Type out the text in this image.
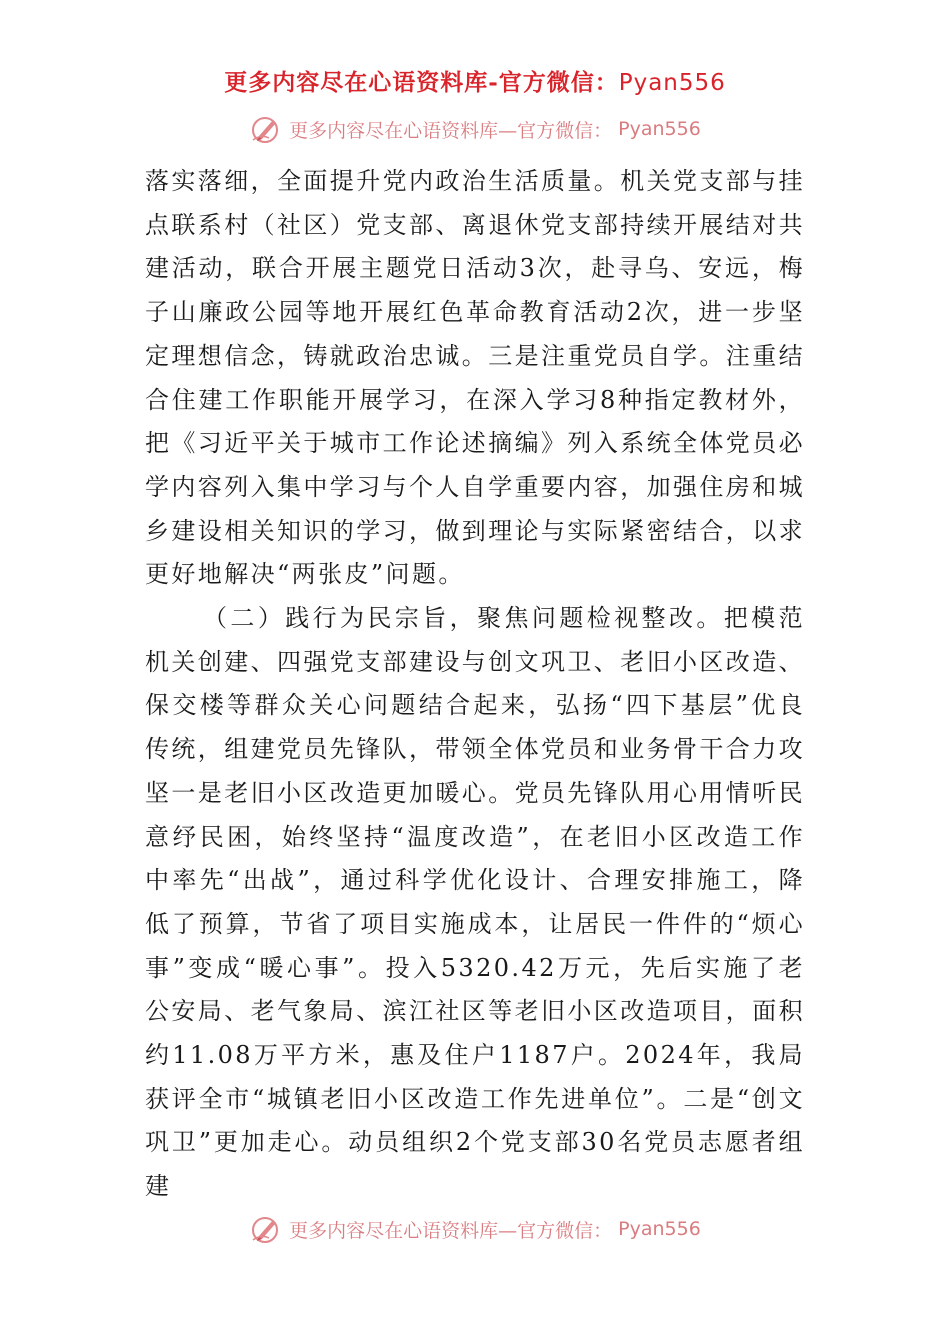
更多内容尽在心语资料库-官方微信：Pyan556
更多内容尽在心语资料库—官方微信： Pyan556

落实落细，全面提升党内政治生活质量。机关党支部与挂点联系村（社区）党支部、离退休党支部持续开展结对共建活动，联合开展主题党日活动3次，赴寻乌、安远，梅子山廉政公园等地开展红色革命教育活动2次，进一步坚定理想信念，铸就政治忠诚。三是注重党员自学。注重结合住建工作职能开展学习，在深入学习8种指定教材外，把《习近平关于城市工作论述摘编》列入系统全体党员必学内容列入集中学习与个人自学重要内容，加强住房和城乡建设相关知识的学习，做到理论与实际紧密结合，以求更好地解决“两张皮”问题。

（二）践行为民宗旨，聚焦问题检视整改。把模范机关创建、四强党支部建设与创文巩卫、老旧小区改造、保交楼等群众关心问题结合起来，弘扬“四下基层”优良传统，组建党员先锋队，带领全体党员和业务骨干合力攻坚一是老旧小区改造更加暖心。党员先锋队用心用情听民意纾民困，始终坚持“温度改造”，在老旧小区改造工作中率先“出战”，通过科学优化设计、合理安排施工，降低了预算，节省了项目实施成本，让居民一件件的“烦心事”变成“暖心事”。投入5320.42万元，先后实施了老公安局、老气象局、滨江社区等老旧小区改造项目，面积约11.08万平方米，惠及住户1187户。2024年，我局获评全市“城镇老旧小区改造工作先进单位”。二是“创文巩卫”更加走心。动员组织2个党支部30名党员志愿者组建

更多内容尽在心语资料库—官方微信： Pyan556
